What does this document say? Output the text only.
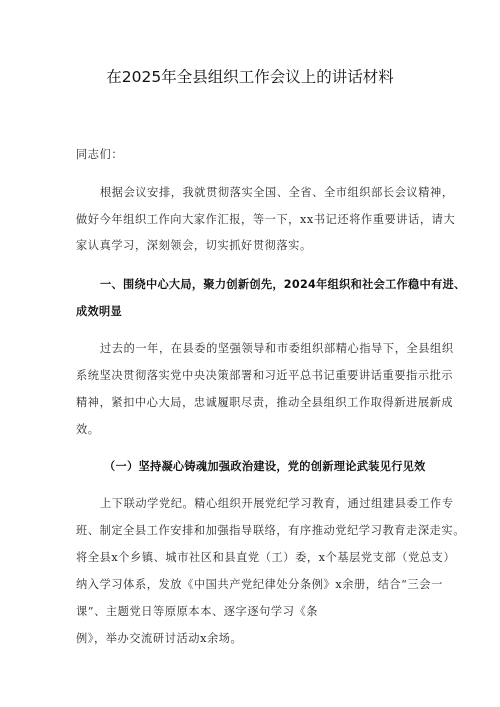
在2025年全县组织工作会议上的讲话材料
同志们：
根据会议安排，我就贯彻落实全国、全省、全市组织部长会议精神，
做好今年组织工作向大家作汇报，等一下，xx书记还将作重要讲话，请大
家认真学习，深刻领会，切实抓好贯彻落实。
一、围绕中心大局，聚力创新创先，2024年组织和社会工作稳中有进、
成效明显
过去的一年，在县委的坚强领导和市委组织部精心指导下，全县组织
系统坚决贯彻落实党中央决策部署和习近平总书记重要讲话重要指示批示
精神，紧扣中心大局，忠诚履职尽责，推动全县组织工作取得新进展新成
效。
（一）坚持凝心铸魂加强政治建设，党的创新理论武装见行见效
上下联动学党纪。精心组织开展党纪学习教育，通过组建县委工作专
班、制定全县工作安排和加强指导联络，有序推动党纪学习教育走深走实。
将全县x个乡镇、城市社区和县直党（工）委，x个基层党支部（党总支）
纳入学习体系，发放《中国共产党纪律处分条例》x余册，结合“三会一
课”、主题党日等原原本本、逐字逐句学习《条
例》，举办交流研讨活动x余场。
